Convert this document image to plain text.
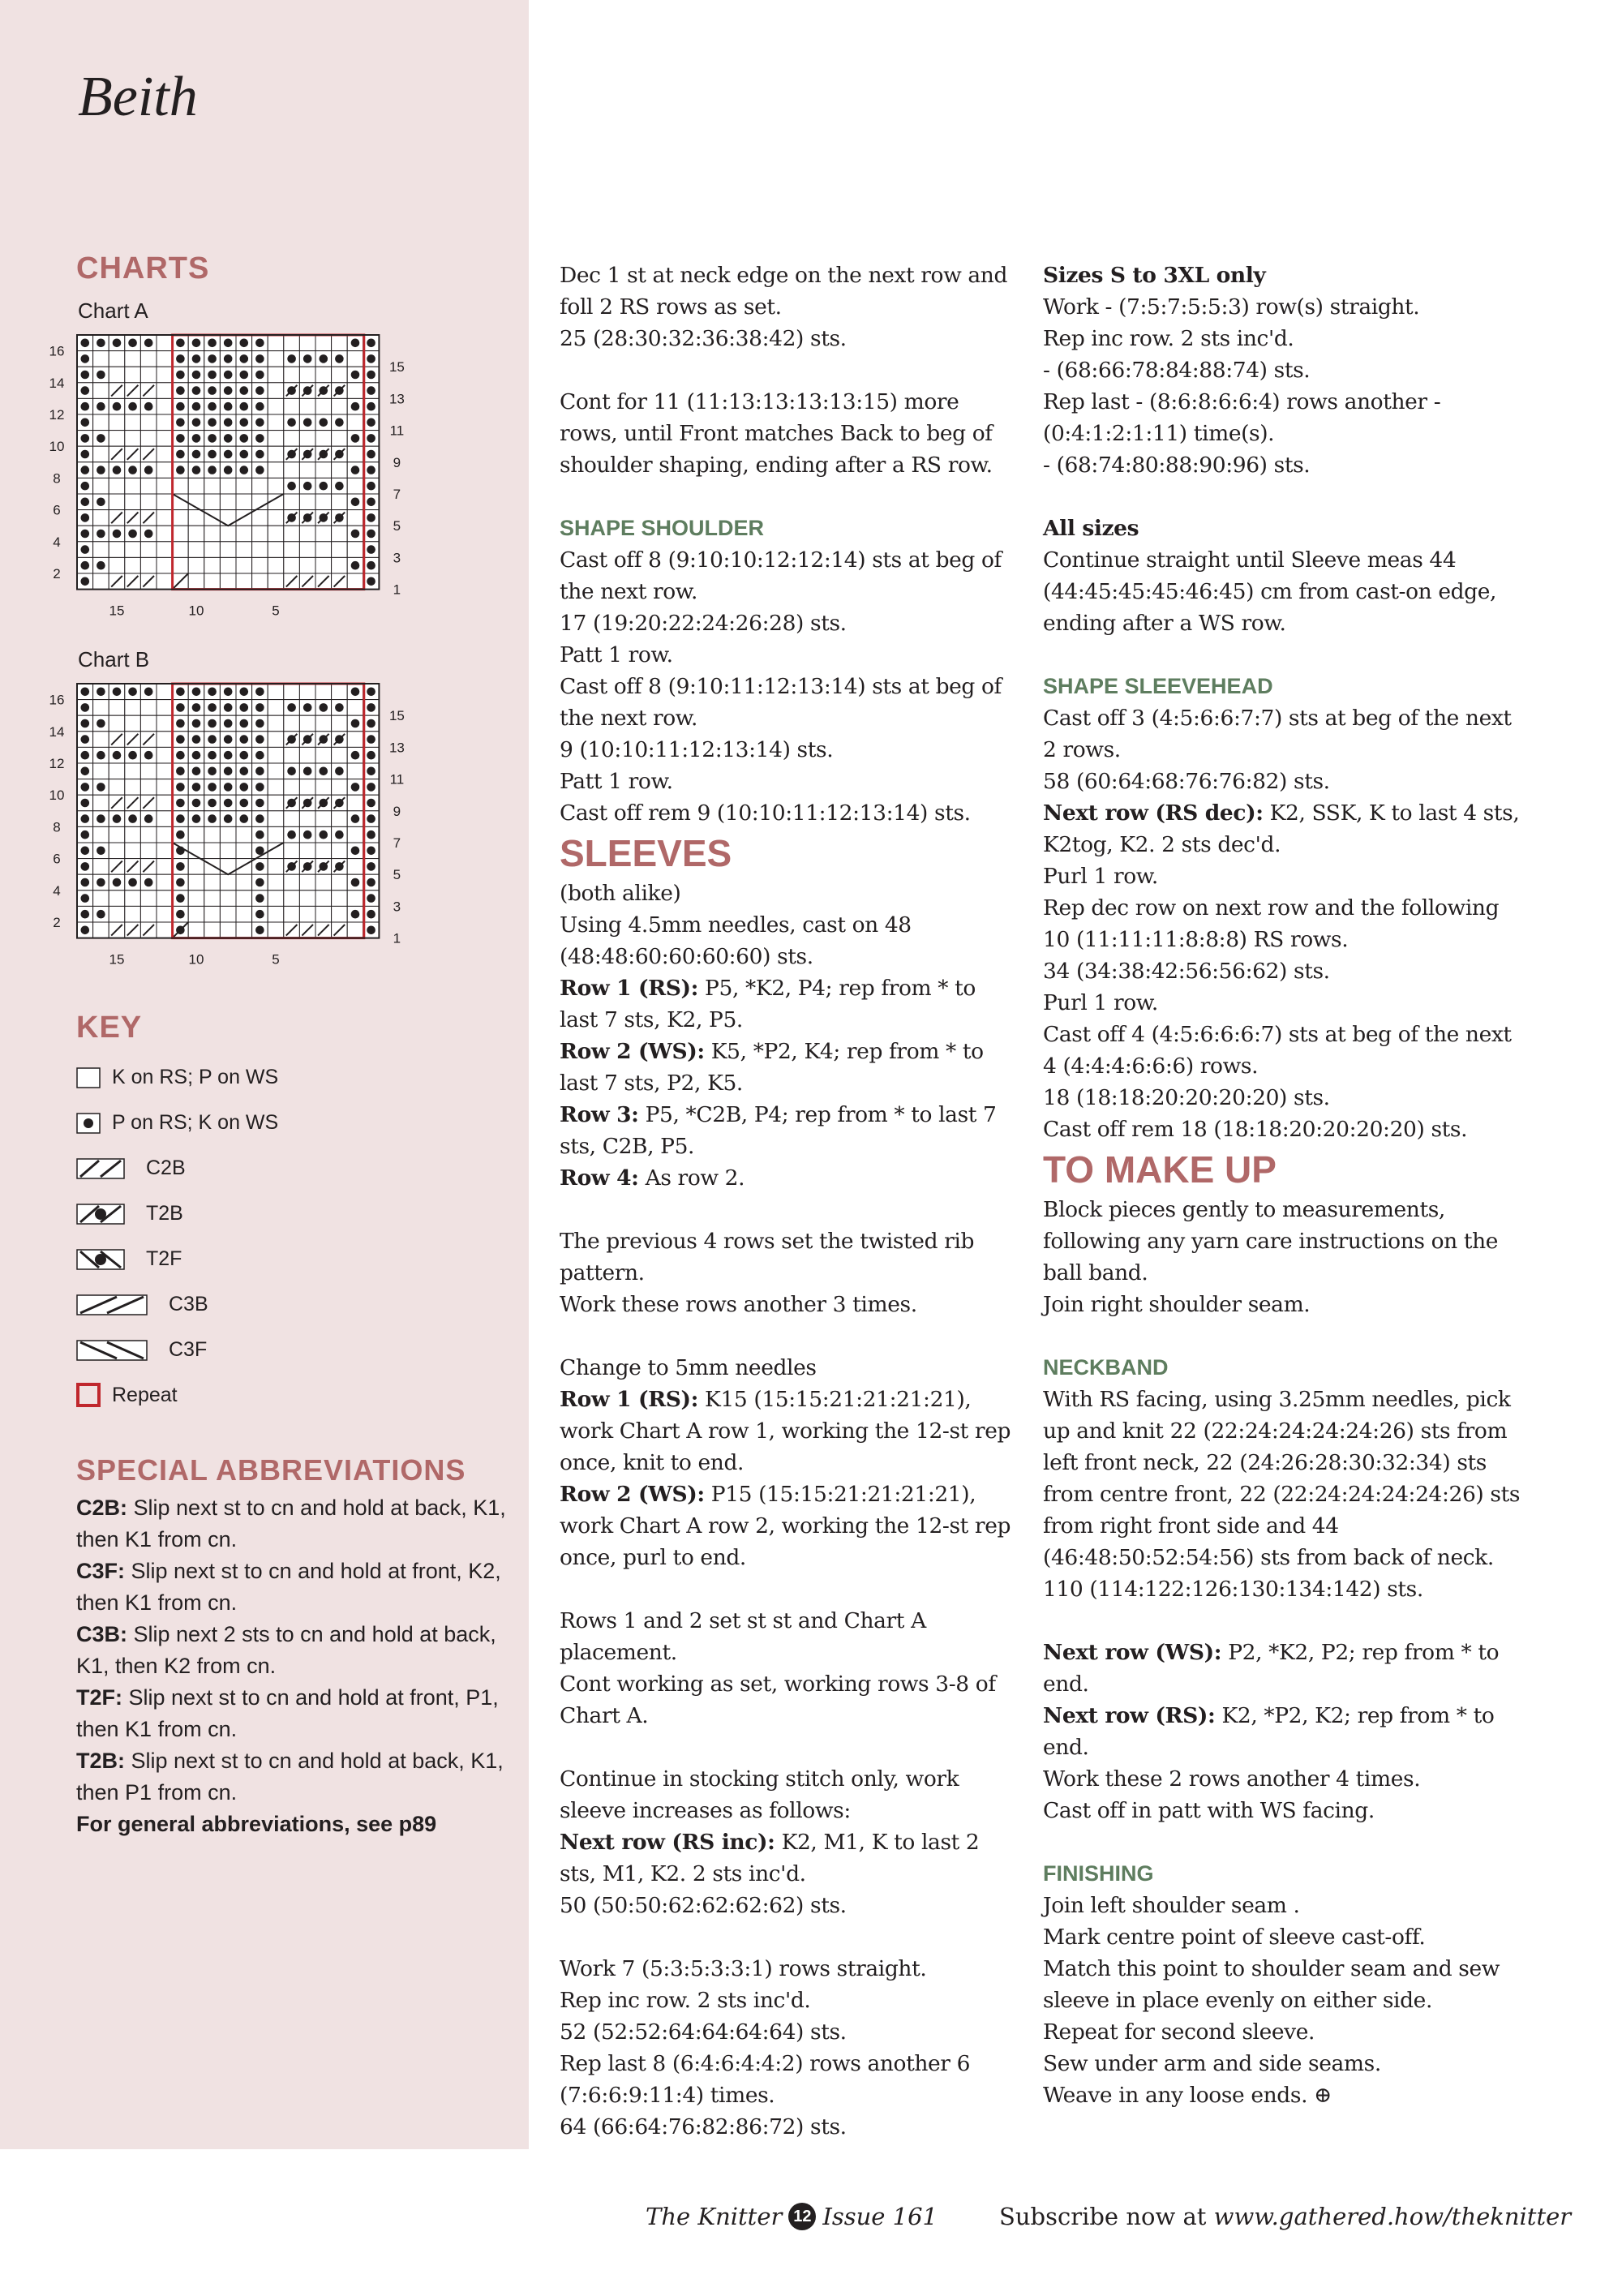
Beith
CHARTS
Chart A
16
14
12
10
8
6
4
2
15
13
11
9
7
5
3
1
15	10	5
Chart B
16
14
12
10
8
6
4
2
15
13
11
9
7
5
3
1
15	10	5
KEY
K on RS; P on WS
P on RS; K on WS
C2B
T2B
T2F
C3B
C3F
Repeat
SPECIAL ABBREVIATIONS
C2B: Slip next st to cn and hold at back, K1, then K1 from cn.
C3F: Slip next st to cn and hold at front, K2, then K1 from cn.
C3B: Slip next 2 sts to cn and hold at back, K1, then K2 from cn.
T2F: Slip next st to cn and hold at front, P1, then K1 from cn.
T2B: Slip next st to cn and hold at back, K1, then P1 from cn.
For general abbreviations, see p89

Dec 1 st at neck edge on the next row and foll 2 RS rows as set.

25 (28:30:32:36:38:42) sts.

Cont for 11 (11:13:13:13:13:15) more rows, until Front matches Back to beg of shoulder shaping, ending after a RS row.

SHAPE SHOULDER

Cast off 8 (9:10:10:12:12:14) sts at beg of the next row.

17 (19:20:22:24:26:28) sts.

Patt 1 row.

Cast off 8 (9:10:11:12:13:14) sts at beg of the next row.

9 (10:10:11:12:13:14) sts.

Patt 1 row.

Cast off rem 9 (10:10:11:12:13:14) sts.

SLEEVES

(both alike)

Using 4.5mm needles, cast on 48 (48:48:60:60:60:60) sts.

Row 1 (RS): P5, *K2, P4; rep from * to last 7 sts, K2, P5.

Row 2 (WS): K5, *P2, K4; rep from * to last 7 sts, P2, K5.

Row 3: P5, *C2B, P4; rep from * to last 7 sts, C2B, P5.

Row 4: As row 2.

The previous 4 rows set the twisted rib pattern.

Work these rows another 3 times.

Change to 5mm needles

Row 1 (RS): K15 (15:15:21:21:21:21), work Chart A row 1, working the 12-st rep once, knit to end.

Row 2 (WS): P15 (15:15:21:21:21:21), work Chart A row 2, working the 12-st rep once, purl to end.

Rows 1 and 2 set st st and Chart A placement.

Cont working as set, working rows 3-8 of Chart A.

Continue in stocking stitch only, work sleeve increases as follows:

Next row (RS inc): K2, M1, K to last 2 sts, M1, K2. 2 sts inc'd.

50 (50:50:62:62:62:62) sts.

Work 7 (5:3:5:3:3:1) rows straight.

Rep inc row. 2 sts inc'd.

52 (52:52:64:64:64:64) sts.

Rep last 8 (6:4:6:4:4:2) rows another 6 (7:6:6:9:11:4) times.

64 (66:64:76:82:86:72) sts.

Sizes S to 3XL only

Work - (7:5:7:5:5:3) row(s) straight.

Rep inc row. 2 sts inc'd.

- (68:66:78:84:88:74) sts.

Rep last - (8:6:8:6:6:4) rows another - (0:4:1:2:1:11) time(s).

- (68:74:80:88:90:96) sts.

All sizes

Continue straight until Sleeve meas 44 (44:45:45:45:46:45) cm from cast-on edge, ending after a WS row.

SHAPE SLEEVEHEAD

Cast off 3 (4:5:6:6:7:7) sts at beg of the next 2 rows.

58 (60:64:68:76:76:82) sts.

Next row (RS dec): K2, SSK, K to last 4 sts, K2tog, K2. 2 sts dec'd.

Purl 1 row.

Rep dec row on next row and the following 10 (11:11:11:8:8:8) RS rows.

34 (34:38:42:56:56:62) sts.

Purl 1 row.

Cast off 4 (4:5:6:6:6:7) sts at beg of the next 4 (4:4:4:6:6:6) rows.

18 (18:18:20:20:20:20) sts.

Cast off rem 18 (18:18:20:20:20:20) sts.

TO MAKE UP

Block pieces gently to measurements, following any yarn care instructions on the ball band.

Join right shoulder seam.

NECKBAND

With RS facing, using 3.25mm needles, pick up and knit 22 (22:24:24:24:24:26) sts from left front neck, 22 (24:26:28:30:32:34) sts from centre front, 22 (22:24:24:24:24:26) sts from right front side and 44 (46:48:50:52:54:56) sts from back of neck.

110 (114:122:126:130:134:142) sts.

Next row (WS): P2, *K2, P2; rep from * to end.

Next row (RS): K2, *P2, K2; rep from * to end.

Work these 2 rows another 4 times.

Cast off in patt with WS facing.

FINISHING

Join left shoulder seam .

Mark centre point of sleeve cast-off.

Match this point to shoulder seam and sew sleeve in place evenly on either side.

Repeat for second sleeve.

Sew under arm and side seams.

Weave in any loose ends. ⊕

The Knitter 12 Issue 161	Subscribe now at www.gathered.how/theknitter
